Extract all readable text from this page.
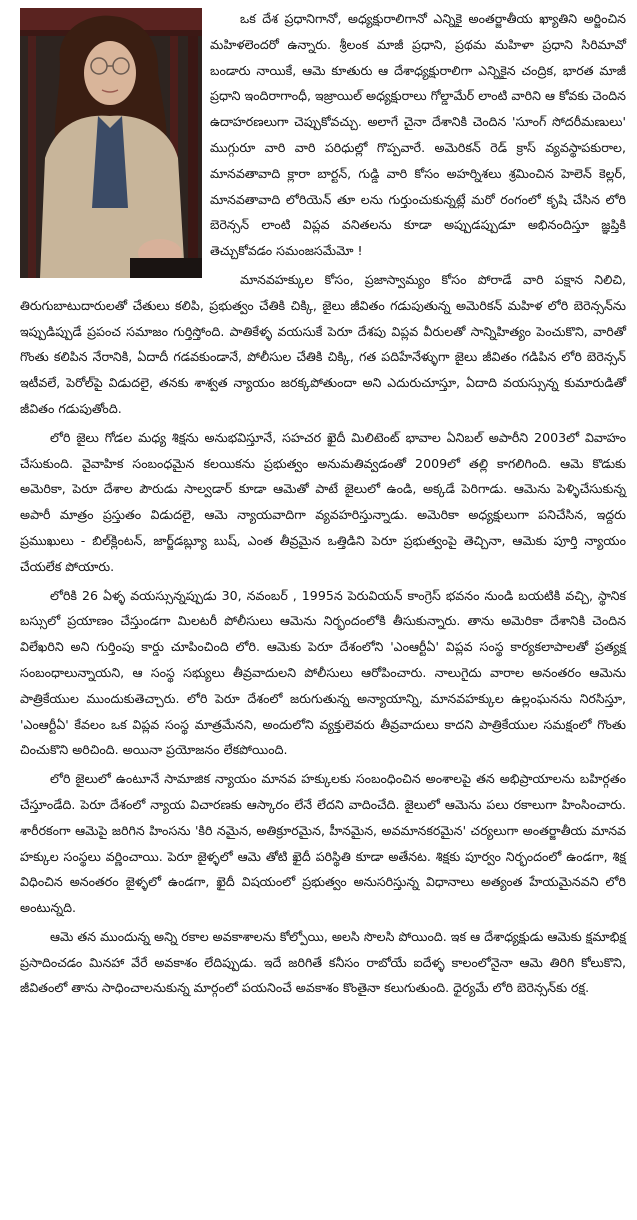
ఒక దేశ ప్రధానిగానో, అధ్యక్షురాలిగానో ఎన్నికై అంతర్జాతీయ ఖ్యాతిని అర్జించిన మహిళలెందరో ఉన్నారు. శ్రీలంక మాజీ ప్రధాని, ప్రథమ మహిళా ప్రధాని సిరిమావో బండారు నాయికే, ఆమె కూతురు ఆ దేశాధ్యక్షురాలిగా ఎన్నికైన చంద్రిక, భారత మాజీ ప్రధాని ఇందిరాగాంధీ, ఇజ్రాయిల్ అధ్యక్షురాలు గోల్డామేర్ లాంటి వారిని ఆ కోవకు చెందిన ఉదాహరణలుగా చెప్పుకోవచ్చు. అలాగే చైనా దేశానికి చెందిన 'సూంగ్ సోదరీమణులు' ముగ్గురూ వారి వారి పరిధుల్లో గొప్పవారే. అమెరికన్ రెడ్ క్రాస్ వ్యవస్థాపకురాల, మానవతావాది క్లారా బార్టన్, గుడ్డి వారి కోసం అహర్నిశలు శ్రమించిన హెలెన్ కెల్లర్, మానవతావాది లోరియెన్ తూ లను గుర్తుంచుకున్నట్లే మరో రంగంలో కృషి చేసిన లోరి బెరెన్సన్ లాంటి విప్లవ వనితలను కూడా అప్పుడప్పుడూ అభినందిస్తూ జ్ఞప్తికి తెచ్చుకోవడం సమంజసమేమో !

మానవహక్కుల కోసం, ప్రజాస్వామ్యం కోసం పోరాడే వారి పక్షాన నిలిచి, తిరుగుబాటుదారులతో చేతులు కలిపి, ప్రభుత్వం చేతికి చిక్కి, జైలు జీవితం గడుపుతున్న అమెరికన్ మహిళ లోరి బెరెన్సన్‌ను ఇప్పుడిప్పుడే ప్రపంచ సమాజం గుర్తిస్తోంది. పాతికేళ్ళ వయసుకే పెరూ దేశపు విప్లవ వీరులతో సాన్నిహిత్యం పెంచుకొని, వారితో గొంతు కలిపిన నేరానికి, ఏదాదీ గడవకుండానే, పోలీసుల చేతికి చిక్కి, గత పదిహేనేళ్ళుగా జైలు జీవితం గడిపిన లోరి బెరెన్సన్ ఇటీవలే, పెరోల్‌పై విడుదలై, తనకు శాశ్వత న్యాయం జరక్కపోతుందా అని ఎదురుచూస్తూ, ఏదాది వయస్సున్న కుమారుడితో జీవితం గడుపుతోంది.

లోరి జైలు గోడల మధ్య శిక్షను అనుభవిస్తూనే, సహచర ఖైదీ మిలిటెంట్ భావాల ఏనిబల్ అపారీని 2003లో వివాహం చేసుకుంది. వైవాహిక సంబంధమైన కలయికను ప్రభుత్వం అనుమతివ్వడంతో 2009లో తల్లి కాగలిగింది. ఆమె కొడుకు అమెరికా, పెరూ దేశాల పౌరుడు సాల్వడార్ కూడా ఆమెతో పాటే జైలులో ఉండి, అక్కడే పెరిగాడు. ఆమెను పెళ్ళిచేసుకున్న అపారీ మాత్రం ప్రస్తుతం విడుదలై, ఆమె న్యాయవాదిగా వ్యవహరిస్తున్నాడు. అమెరికా అధ్యక్షులుగా పనిచేసిన, ఇద్దరు ప్రముఖులు - బిల్‌క్లింటన్, జార్జ్‌డబ్ల్యూ బుష్, ఎంత తీవ్రమైన ఒత్తిడిని పెరూ ప్రభుత్వంపై తెచ్చినా, ఆమెకు పూర్తి న్యాయం చేయలేక పోయారు.

లోరికి 26 ఏళ్ళ వయస్సున్నప్పుడు 30, నవంబర్ , 1995న పెరువియన్ కాంగ్రెస్ భవనం నుండి బయటికి వచ్చి, స్థానిక బస్సులో ప్రయాణం చేస్తుండగా మిలటరీ పోలీసులు ఆమెను నిర్భందంలోకి తీసుకున్నారు. తాను అమెరికా దేశానికి చెందిన విలేఖరిని అని గుర్తింపు కార్డు చూపించింది లోరి. ఆమెకు పెరూ దేశంలోని 'ఎంఆర్టీఏ' విప్లవ సంస్థ కార్యకలాపాలతో ప్రత్యక్ష సంబంధాలున్నాయని, ఆ సంస్థ సభ్యులు తీవ్రవాదులని పోలీసులు ఆరోపించారు. నాలుగైదు వారాల అనంతరం ఆమెను పాత్రికేయుల ముందుకుతెచ్చారు. లోరి పెరూ దేశంలో జరుగుతున్న అన్యాయాన్ని, మానవహక్కుల ఉల్లంఘనను నిరసిస్తూ, 'ఎంఆర్టీఏ' కేవలం ఒక విప్లవ సంస్థ మాత్రమేనని, అందులోని వ్యక్తులెవరు తీవ్రవాదులు కాదని పాత్రికేయుల సమక్షంలో గొంతు చించుకొని అరిచింది. అయినా ప్రయోజనం లేకపోయింది.

లోరి జైలులో ఉంటూనే సామాజిక న్యాయం మానవ హక్కులకు సంబంధించిన అంశాలపై తన అభిప్రాయాలను బహిర్గతం చేస్తూండేది. పెరూ దేశంలో న్యాయ విచారణకు ఆస్కారం లేనే లేదని వాదించేది. జైలులో ఆమెను పలు రకాలుగా హింసించారు. శారీరకంగా ఆమెపై జరిగిన హింసను 'కిరి నమైన, అతిక్రూరమైన, హీనమైన, అవమానకరమైన' చర్యలుగా అంతర్జాతీయ మానవ హక్కుల సంస్థలు వర్ణించాయి. పెరూ జైళ్ళలో ఆమె తోటి ఖైదీ పరిస్థితి కూడా అతేనట. శిక్షకు పూర్వం నిర్భందంలో ఉండగా, శిక్ష విధించిన అనంతరం జైళ్ళలో ఉండగా, ఖైదీ విషయంలో ప్రభుత్వం అనుసరిస్తున్న విధానాలు అత్యంత హేయమైనవని లోరి అంటున్నది.

ఆమె తన ముందున్న అన్ని రకాల అవకాశాలను కోల్పోయి, అలసి సొలసి పోయింది. ఇక ఆ దేశాధ్యక్షుడు ఆమెకు క్షమాభిక్ష ప్రసాదించడం మినహా వేరే అవకాశం లేదిప్పుడు. ఇదే జరిగితే కనీసం రాబోయే ఐదేళ్ళ కాలంలోనైనా ఆమె తిరిగి కోలుకొని, జీవితంలో తాను సాధించాలనుకున్న మార్గంలో పయనించే అవకాశం కొంతైనా కలుగుతుంది. ధైర్యమే లోరి బెరెన్సన్‌కు రక్ష.
